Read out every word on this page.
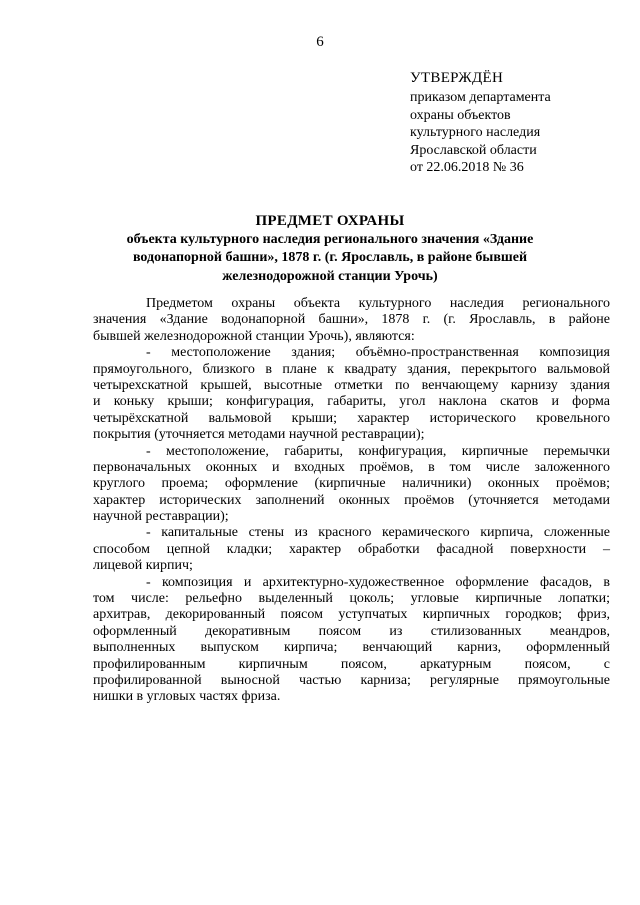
6
УТВЕРЖДЁН
приказом департамента
охраны объектов
культурного наследия
Ярославской области
от 22.06.2018 № 36
ПРЕДМЕТ ОХРАНЫ
объекта культурного наследия регионального значения «Здание
водонапорной башни», 1878 г. (г. Ярославль, в районе бывшей
железнодорожной станции Урочь)
Предметом охраны объекта культурного наследия регионального
значения «Здание водонапорной башни», 1878 г. (г. Ярославль, в районе
бывшей железнодорожной станции Урочь), являются:
- местоположение здания; объёмно-пространственная композиция
прямоугольного, близкого в плане к квадрату здания, перекрытого вальмовой
четырехскатной крышей, высотные отметки по венчающему карнизу здания
и коньку крыши; конфигурация, габариты, угол наклона скатов и форма
четырёхскатной вальмовой крыши; характер исторического кровельного
покрытия (уточняется методами научной реставрации);
- местоположение, габариты, конфигурация, кирпичные перемычки
первоначальных оконных и входных проёмов, в том числе заложенного
круглого проема; оформление (кирпичные наличники) оконных проёмов;
характер исторических заполнений оконных проёмов (уточняется методами
научной реставрации);
- капитальные стены из красного керамического кирпича, сложенные
способом цепной кладки; характер обработки фасадной поверхности –
лицевой кирпич;
- композиция и архитектурно-художественное оформление фасадов, в
том числе: рельефно выделенный цоколь; угловые кирпичные лопатки;
архитрав, декорированный поясом уступчатых кирпичных городков; фриз,
оформленный декоративным поясом из стилизованных меандров,
выполненных выпуском кирпича; венчающий карниз, оформленный
профилированным кирпичным поясом, аркатурным поясом, с
профилированной выносной частью карниза; регулярные прямоугольные
нишки в угловых частях фриза.
